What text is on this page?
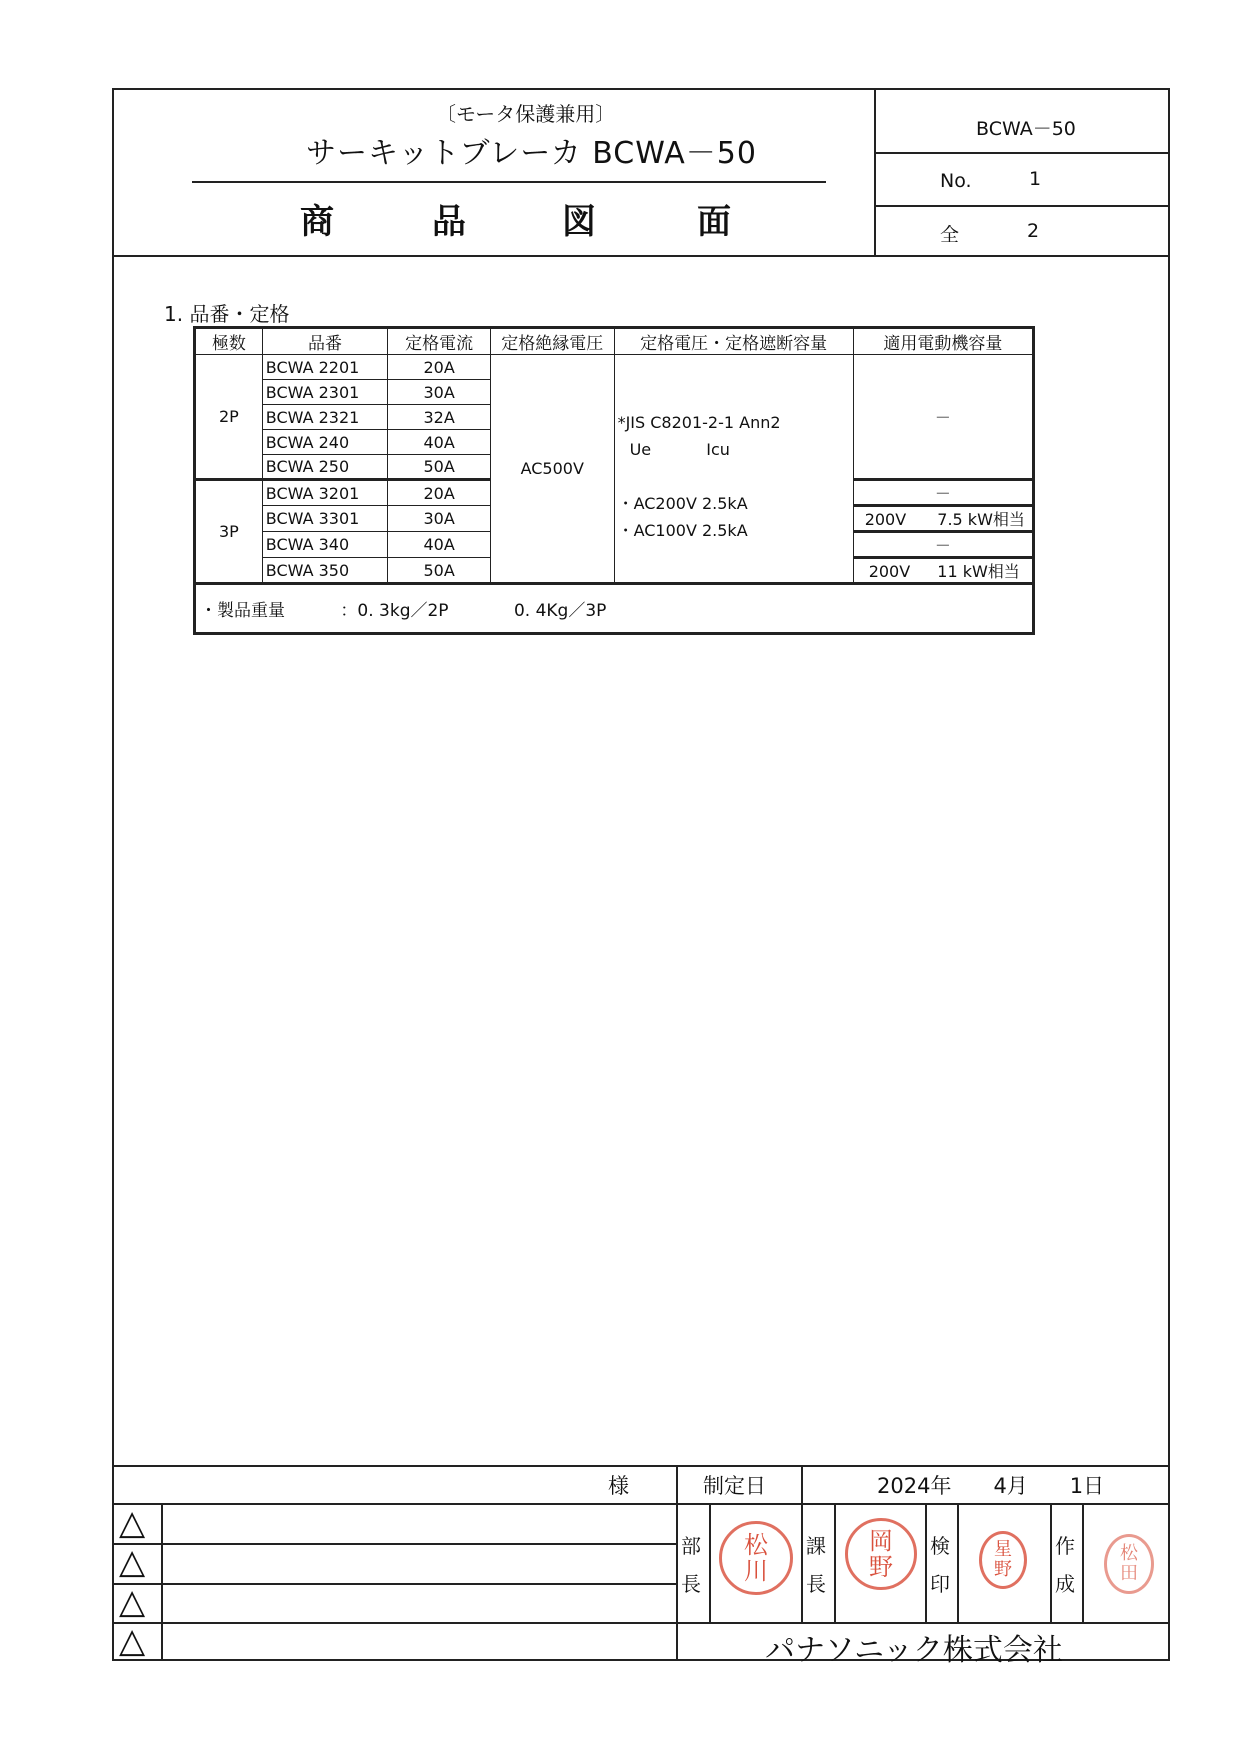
〔モータ保護兼用〕
サーキットブレーカ BCWA－50
商	品	図	面
BCWA－50
No.	1
全	2
1. 品番・定格
極数	品番	定格電流	定格絶縁電圧	定格電圧・定格遮断容量	適用電動機容量
2P	BCWA 2201	20A	AC500V	*JIS C8201-2-1 Ann2
Ue Icu
・AC200V 2.5kA
・AC100V 2.5kA	－
	BCWA 2301	30A			
	BCWA 2321	32A			
	BCWA 240	40A			
	BCWA 250	50A			
3P	BCWA 3201	20A			－
	BCWA 3301	30A			200V 7.5 kW相当
	BCWA 340	40A			－
	BCWA 350	50A			200V 11 kW相当
・製品重量 ：0. 3kg／2P 0. 4Kg／3P					
様	制定日	2024年　　4月　　1日
△
△
△
△
部
長
課
長
検
印
作
成
松
川
岡
野
星
野
松
田
パナソニック株式会社
